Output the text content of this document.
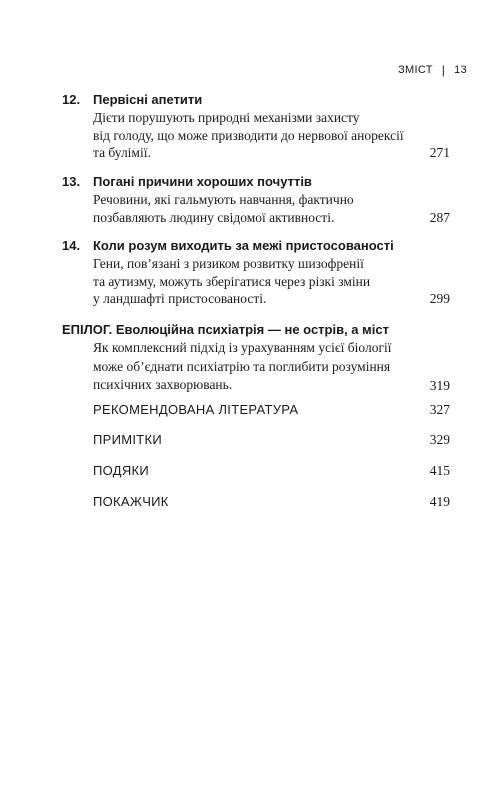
ЗМІСТ | 13
12. Первісні апетити
Дієти порушують природні механізми захисту
від голоду, що може призводити до нервової анорексії
та булімії.	271
13. Погані причини хороших почуттів
Речовини, які гальмують навчання, фактично
позбавляють людину свідомої активності.	287
14. Коли розум виходить за межі пристосованості
Гени, пов’язані з ризиком розвитку шизофренії
та аутизму, можуть зберігатися через різкі зміни
у ландшафті пристосованості.	299
ЕПІЛОГ. Еволюційна психіатрія — не острів, а міст
Як комплексний підхід із урахуванням усієї біології
може об’єднати психіатрію та поглибити розуміння
психічних захворювань.	319
РЕКОМЕНДОВАНА ЛІТЕРАТУРА	327
ПРИМІТКИ	329
ПОДЯКИ	415
ПОКАЖЧИК	419
